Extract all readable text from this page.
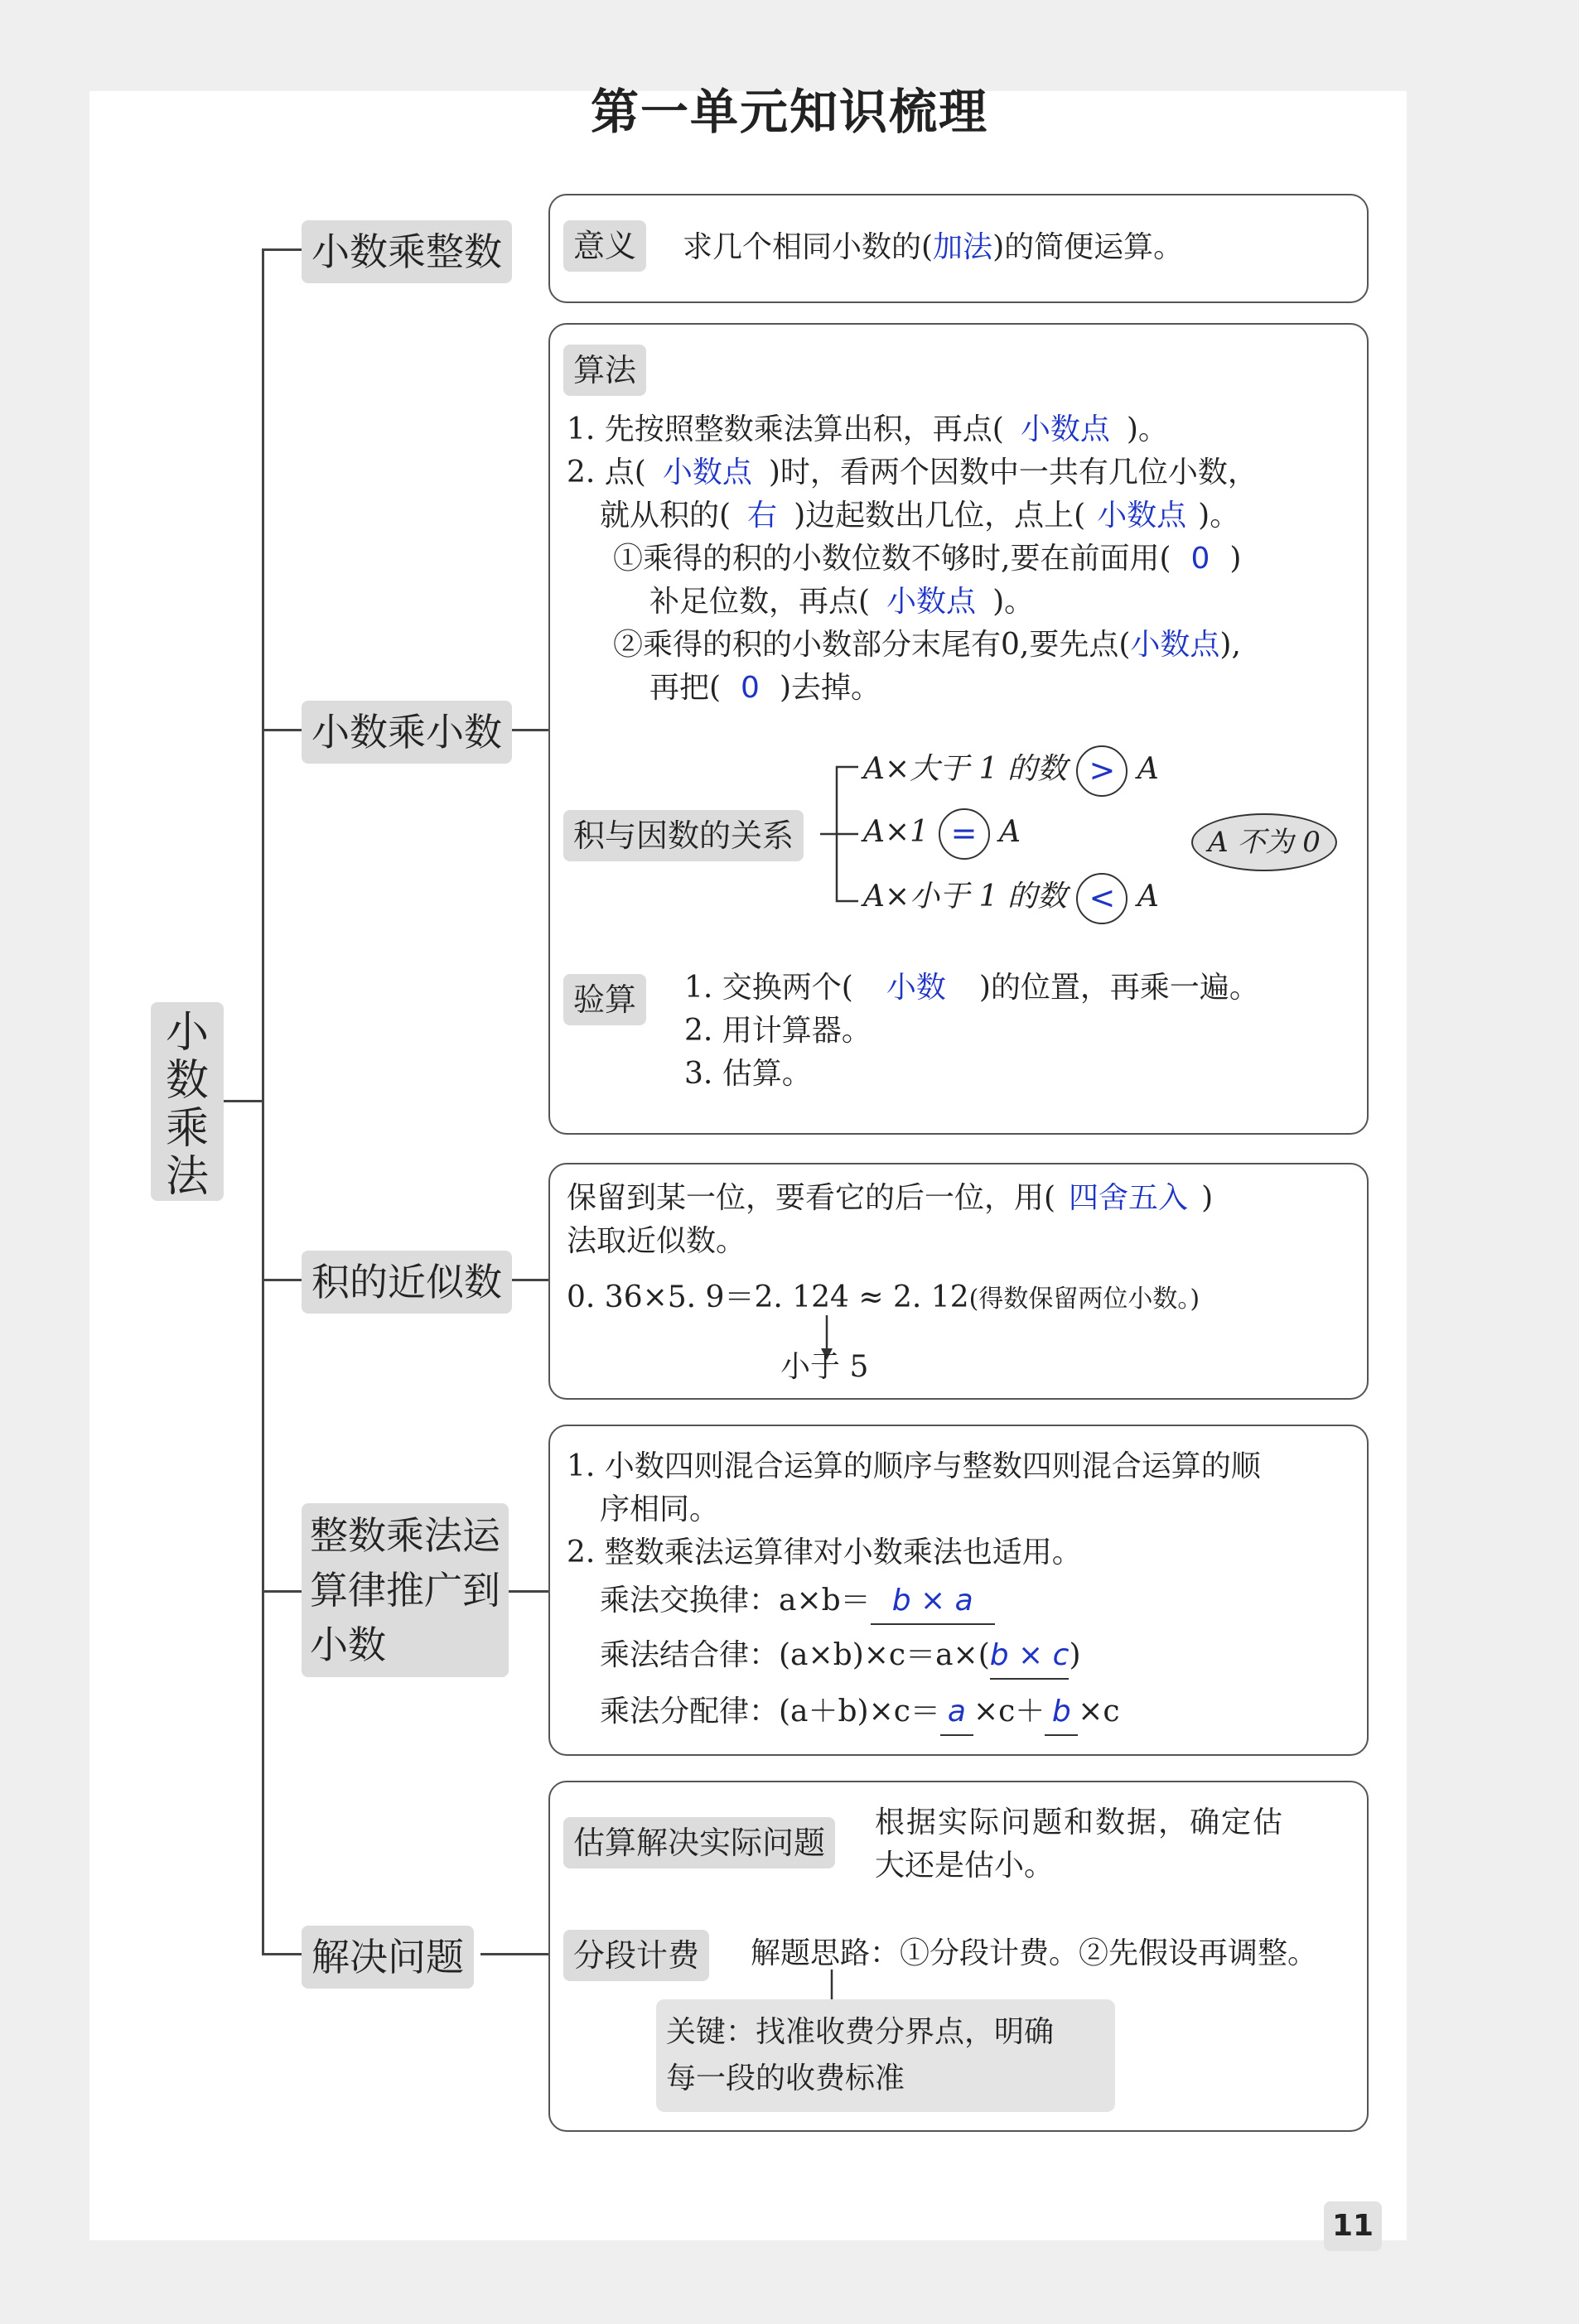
第一单元知识梳理
小数乘法
小数乘整数
小数乘小数
积的近似数
整数乘法运
算律推广到
小数
解决问题
意义	求几个相同小数的(加法)的简便运算。
算法
1. 先按照整数乘法算出积，再点( 小数点 )。
2. 点( 小数点 )时，看两个因数中一共有几位小数，
就从积的( 右 )边起数出几位，点上( 小数点 )。
①乘得的积的小数位数不够时,要在前面用( 0 )
补足位数，再点( 小数点 )。
②乘得的积的小数部分末尾有0,要先点(小数点),
再把( 0 )去掉。
积与因数的关系
A×大于 1 的数 > A
A×1 = A
A×小于 1 的数 < A
A 不为 0
验算	1. 交换两个( 小数 )的位置，再乘一遍。
2. 用计算器。
3. 估算。
保留到某一位，要看它的后一位，用( 四舍五入 )
法取近似数。
0. 36×5. 9＝2. 124 ≈ 2. 12(得数保留两位小数。)
小于 5
1. 小数四则混合运算的顺序与整数四则混合运算的顺
序相同。
2. 整数乘法运算律对小数乘法也适用。
乘法交换律：a×b＝ b × a
乘法结合律：(a×b)×c＝a×(b × c)
乘法分配律：(a＋b)×c＝ a ×c＋ b ×c
估算解决实际问题
根据实际问题和数据，确定估
大还是估小。
分段计费	解题思路：①分段计费。②先假设再调整。
关键：找准收费分界点，明确
每一段的收费标准
11
